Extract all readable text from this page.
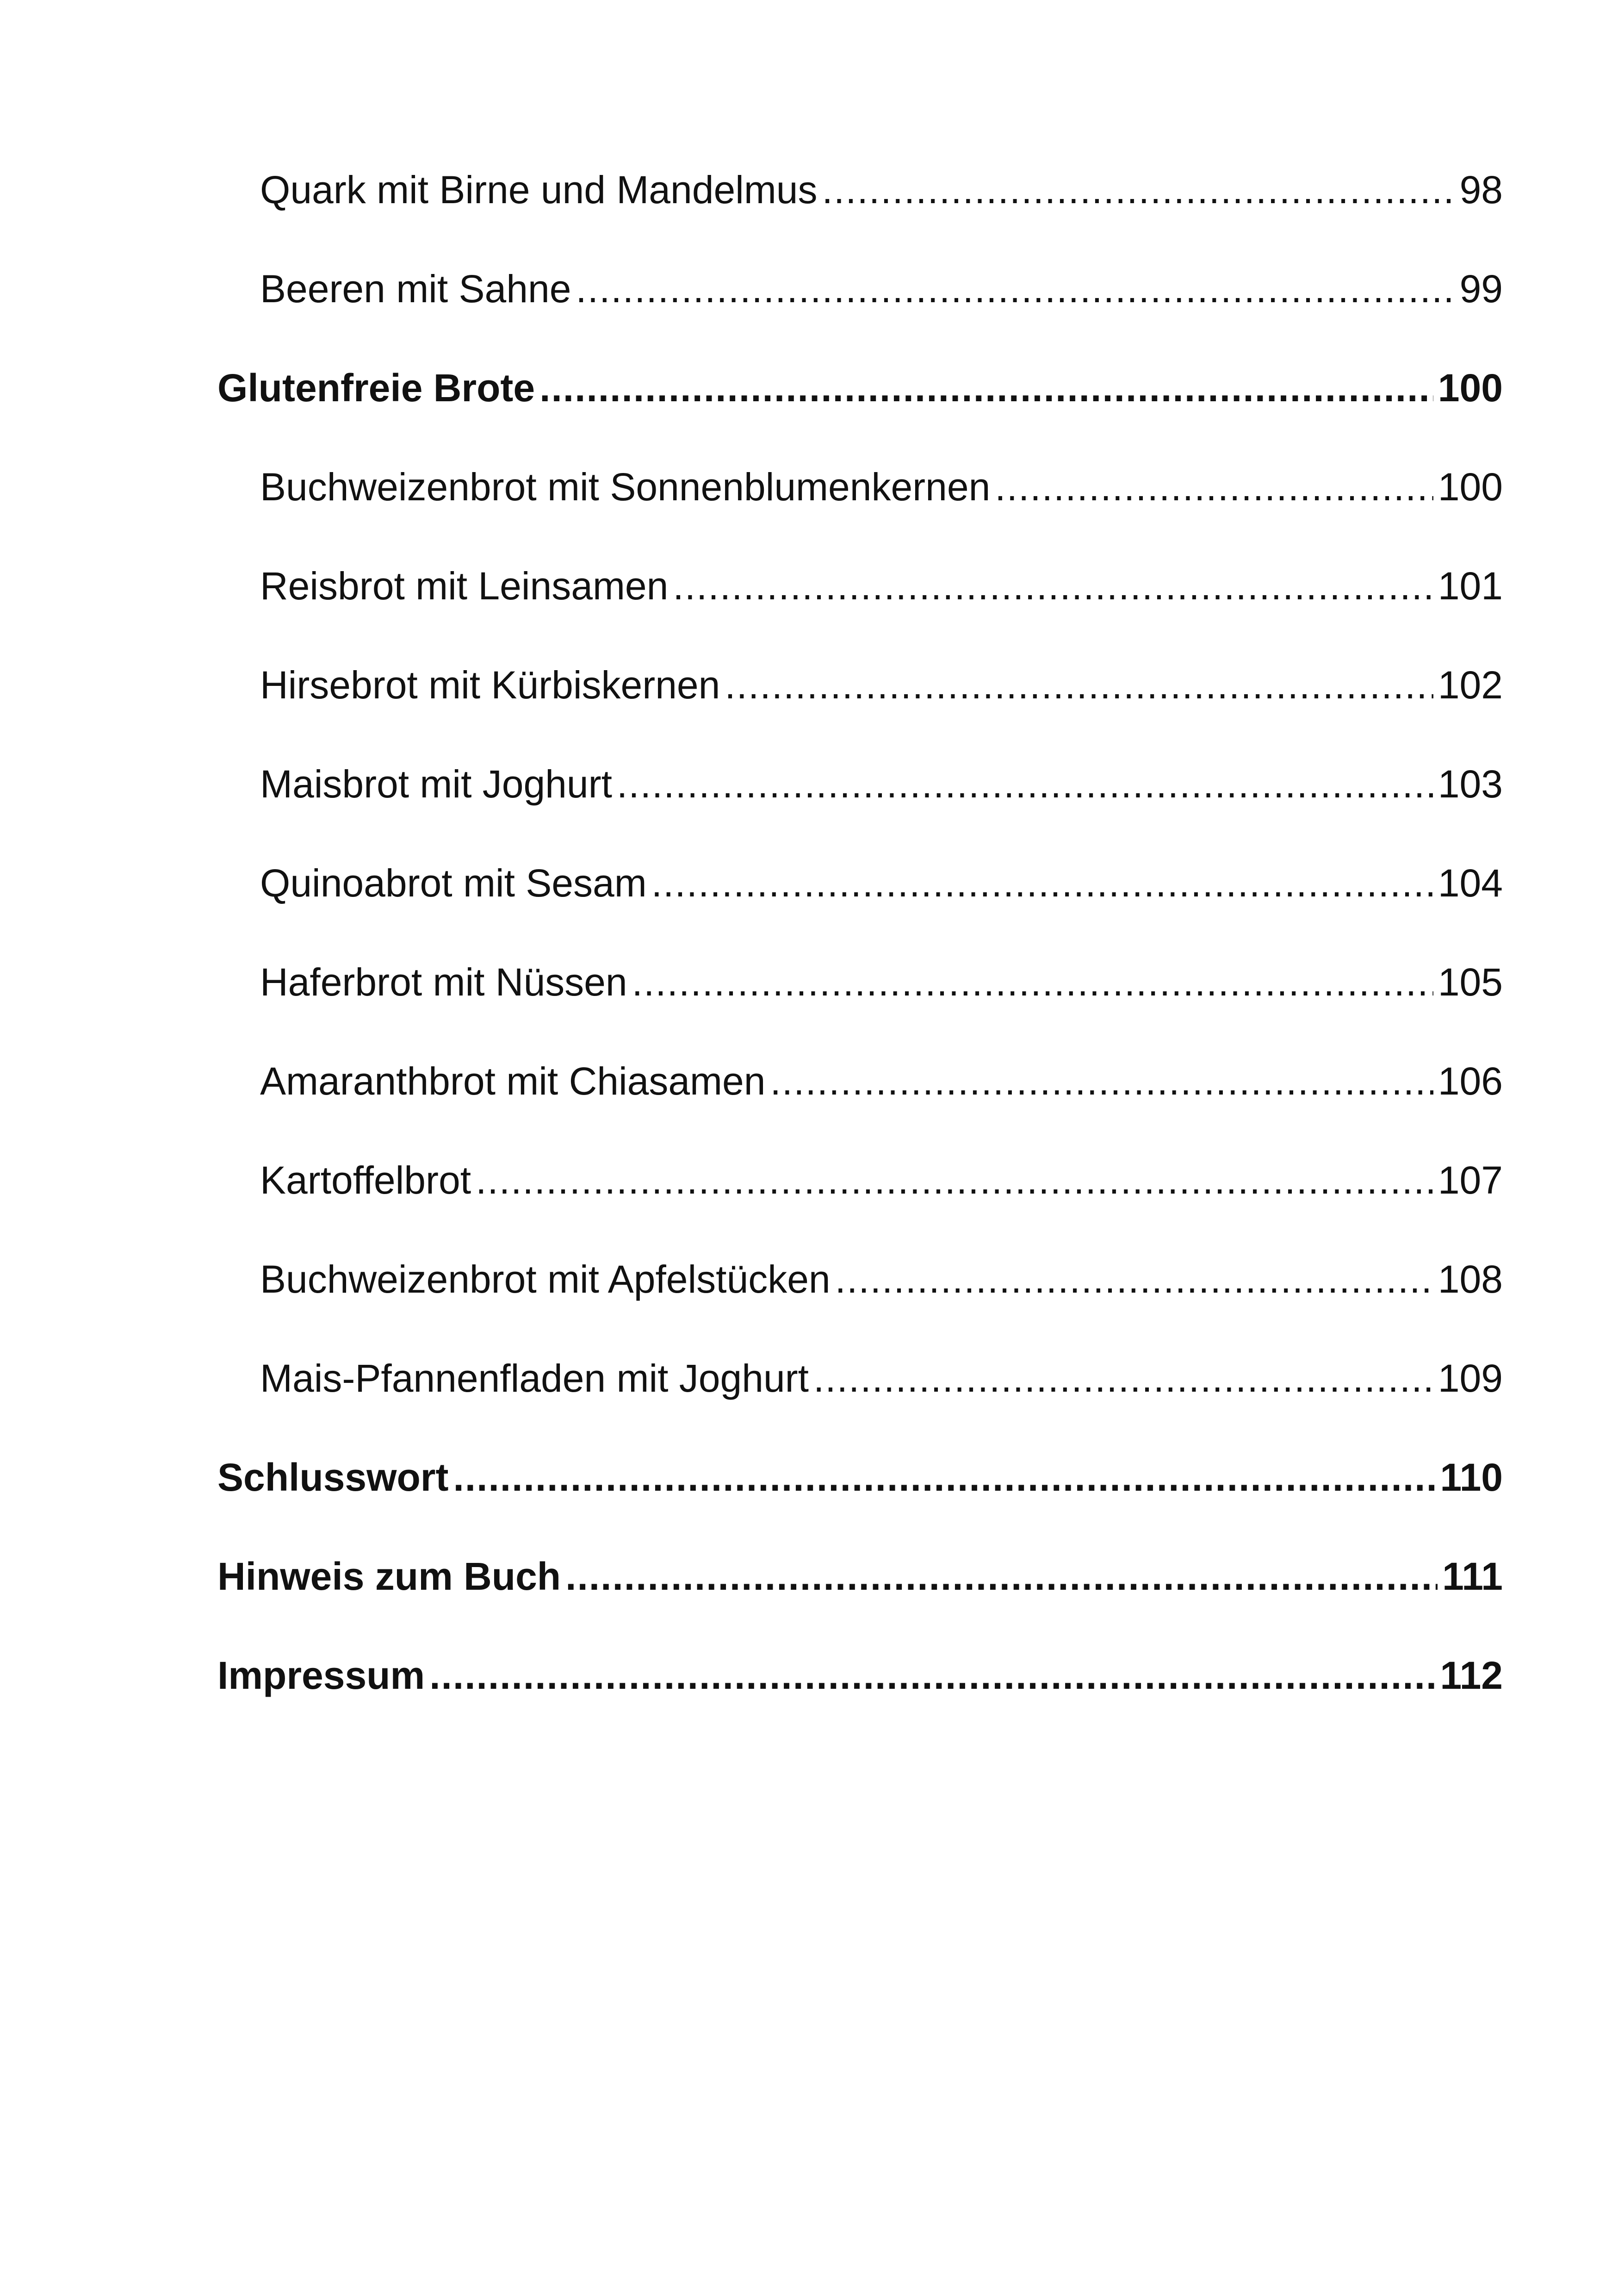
Quark mit Birne und Mandelmus .....	98
Beeren mit Sahne .....	99
Glutenfreie Brote .....	100
Buchweizenbrot mit Sonnenblumenkernen .....	100
Reisbrot mit Leinsamen .....	101
Hirsebrot mit Kürbiskernen .....	102
Maisbrot mit Joghurt .....	103
Quinoabrot mit Sesam .....	104
Haferbrot mit Nüssen .....	105
Amaranthbrot mit Chiasamen .....	106
Kartoffelbrot .....	107
Buchweizenbrot mit Apfelstücken .....	108
Mais-Pfannenfladen mit Joghurt .....	109
Schlusswort .....	110
Hinweis zum Buch .....	111
Impressum .....	112
